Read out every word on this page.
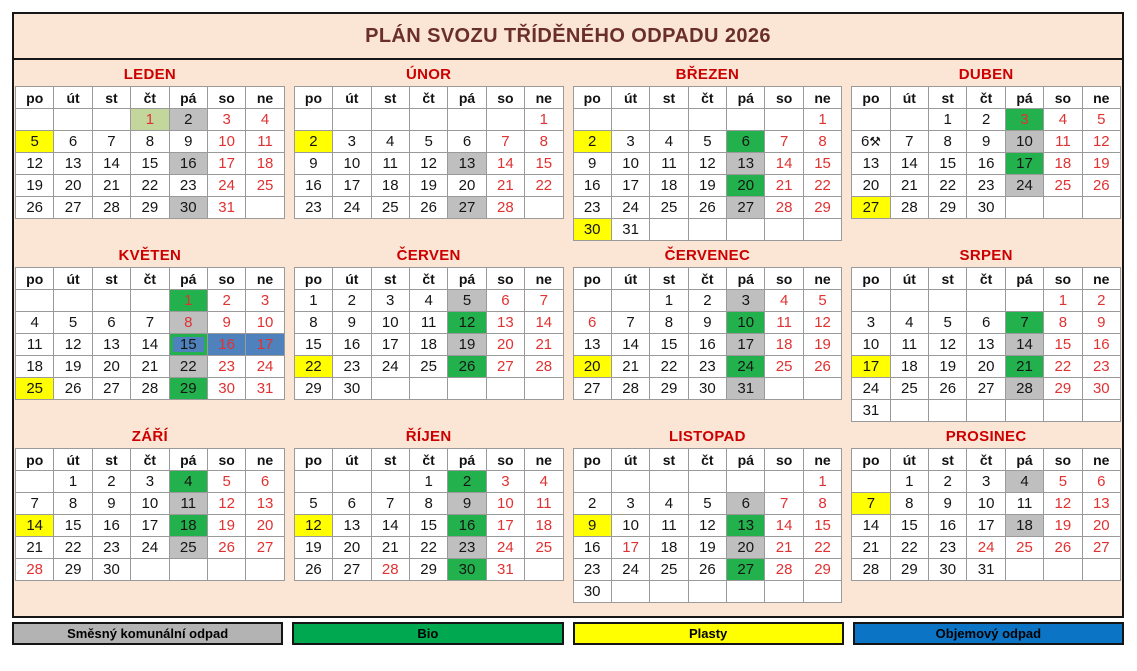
PLÁN SVOZU TŘÍDĚNÉHO ODPADU 2026
LEDEN
po	út	st	čt	pá	so	ne
			1	2	3	4
5	6	7	8	9	10	11
12	13	14	15	16	17	18
19	20	21	22	23	24	25
26	27	28	29	30	31	
ÚNOR
po	út	st	čt	pá	so	ne
						1
2	3	4	5	6	7	8
9	10	11	12	13	14	15
16	17	18	19	20	21	22
23	24	25	26	27	28	
BŘEZEN
po	út	st	čt	pá	so	ne
						1
2	3	4	5	6	7	8
9	10	11	12	13	14	15
16	17	18	19	20	21	22
23	24	25	26	27	28	29
30	31					
DUBEN
po	út	st	čt	pá	so	ne
		1	2	3	4	5
6⚒	7	8	9	10	11	12
13	14	15	16	17	18	19
20	21	22	23	24	25	26
27	28	29	30			
KVĚTEN
po	út	st	čt	pá	so	ne
				1	2	3
4	5	6	7	8	9	10
11	12	13	14	15	16	17
18	19	20	21	22	23	24
25	26	27	28	29	30	31
ČERVEN
po	út	st	čt	pá	so	ne
1	2	3	4	5	6	7
8	9	10	11	12	13	14
15	16	17	18	19	20	21
22	23	24	25	26	27	28
29	30					
ČERVENEC
po	út	st	čt	pá	so	ne
		1	2	3	4	5
6	7	8	9	10	11	12
13	14	15	16	17	18	19
20	21	22	23	24	25	26
27	28	29	30	31		
SRPEN
po	út	st	čt	pá	so	ne
					1	2
3	4	5	6	7	8	9
10	11	12	13	14	15	16
17	18	19	20	21	22	23
24	25	26	27	28	29	30
31						
ZÁŘÍ
po	út	st	čt	pá	so	ne
	1	2	3	4	5	6
7	8	9	10	11	12	13
14	15	16	17	18	19	20
21	22	23	24	25	26	27
28	29	30				
ŘÍJEN
po	út	st	čt	pá	so	ne
			1	2	3	4
5	6	7	8	9	10	11
12	13	14	15	16	17	18
19	20	21	22	23	24	25
26	27	28	29	30	31	
LISTOPAD
po	út	st	čt	pá	so	ne
						1
2	3	4	5	6	7	8
9	10	11	12	13	14	15
16	17	18	19	20	21	22
23	24	25	26	27	28	29
30						
PROSINEC
po	út	st	čt	pá	so	ne
	1	2	3	4	5	6
7	8	9	10	11	12	13
14	15	16	17	18	19	20
21	22	23	24	25	26	27
28	29	30	31			
Směsný komunální odpad	Bio	Plasty	Objemový odpad
